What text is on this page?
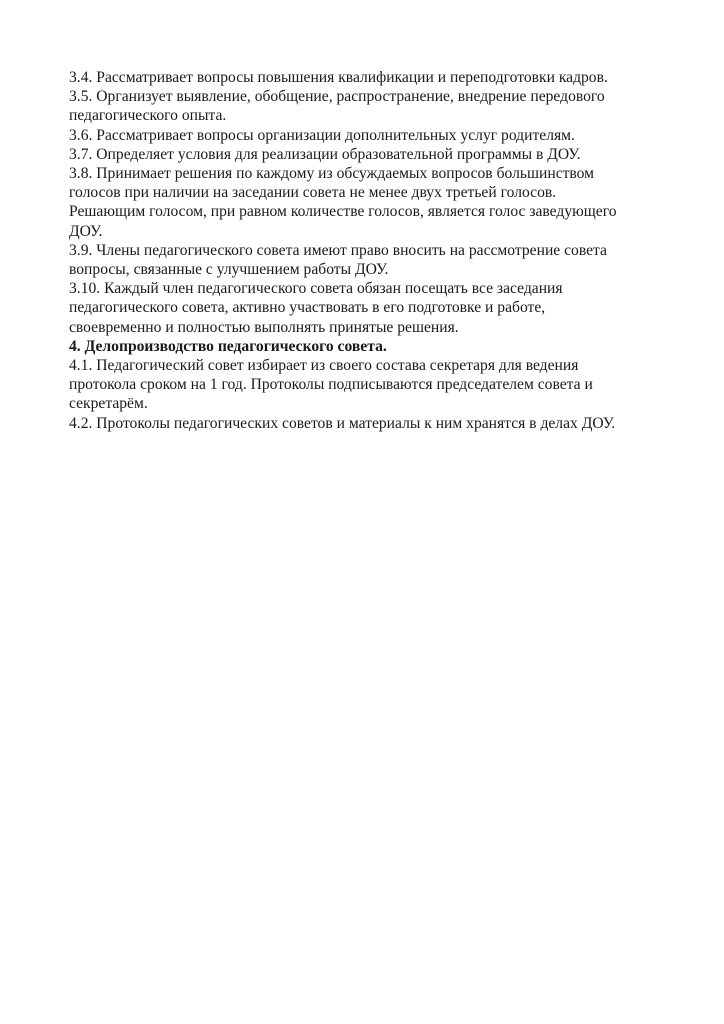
3.4. Рассматривает вопросы повышения квалификации и переподготовки кадров.

3.5. Организует выявление, обобщение, распространение, внедрение передового
педагогического опыта.

3.6. Рассматривает вопросы организации дополнительных услуг родителям.

3.7. Определяет условия для реализации образовательной программы в ДОУ.

3.8. Принимает решения по каждому из обсуждаемых вопросов большинством
голосов при наличии на заседании совета не менее двух третьей голосов.
Решающим голосом, при равном количестве голосов, является голос заведующего
ДОУ.

3.9. Члены педагогического совета имеют право вносить на рассмотрение совета
вопросы, связанные с улучшением работы ДОУ.

3.10. Каждый член педагогического совета обязан посещать все заседания
педагогического совета, активно участвовать в его подготовке и работе,
своевременно и полностью выполнять принятые решения.

4. Делопроизводство педагогического совета.

4.1. Педагогический совет избирает из своего состава секретаря для ведения
протокола сроком на 1 год. Протоколы подписываются председателем совета и
секретарём.

4.2. Протоколы педагогических советов и материалы к ним хранятся в делах ДОУ.
